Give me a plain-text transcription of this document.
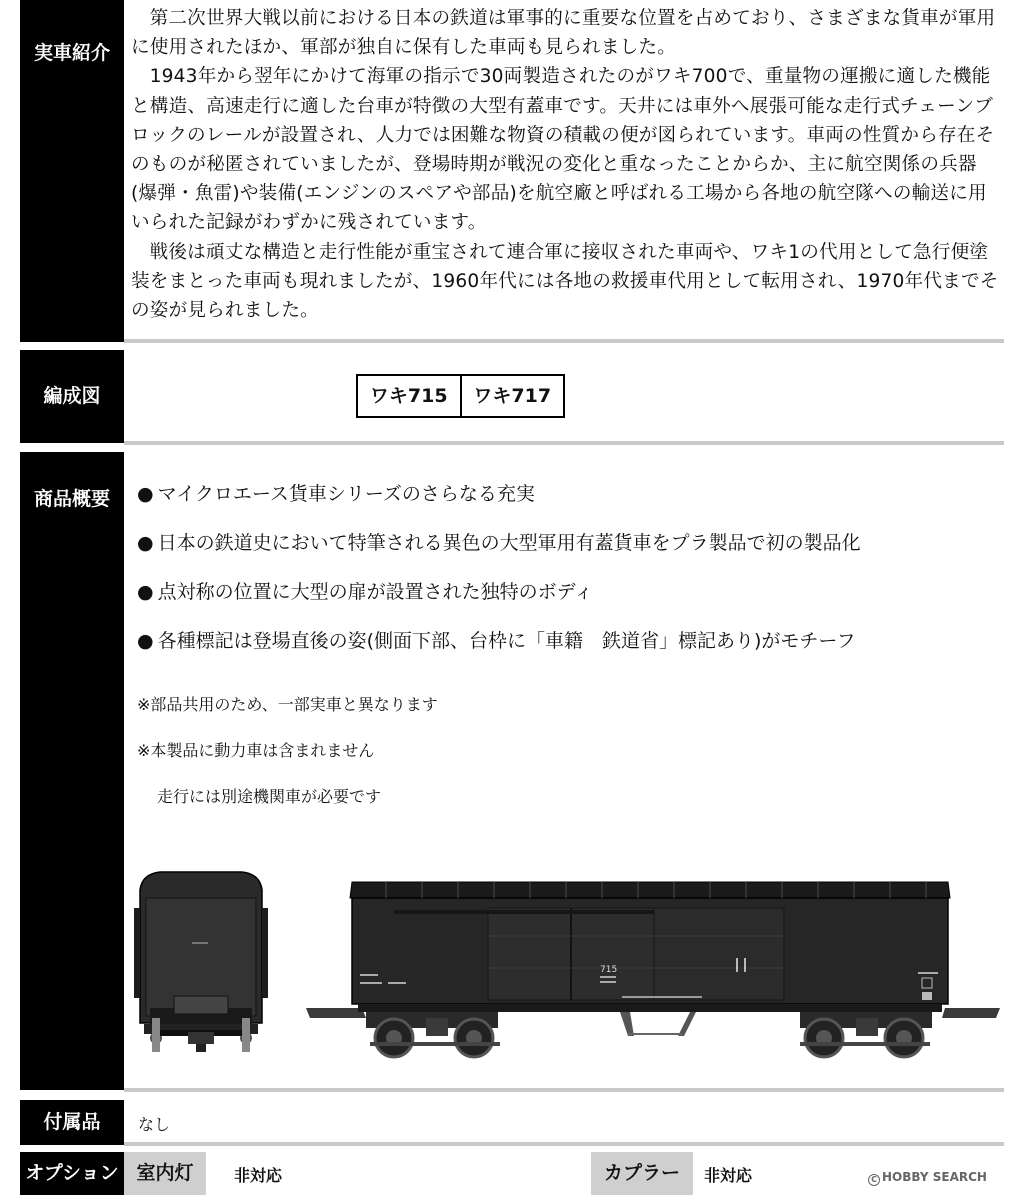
実車紹介

第二次世界大戦以前における日本の鉄道は軍事的に重要な位置を占めており、さまざまな貨車が軍用に使用されたほか、軍部が独自に保有した車両も見られました。

1943年から翌年にかけて海軍の指示で30両製造されたのがワキ700で、重量物の運搬に適した機能と構造、高速走行に適した台車が特徴の大型有蓋車です。天井には車外へ展張可能な走行式チェーンブロックのレールが設置され、人力では困難な物資の積載の便が図られています。車両の性質から存在そのものが秘匿されていましたが、登場時期が戦況の変化と重なったことからか、主に航空関係の兵器(爆弾・魚雷)や装備(エンジンのスペアや部品)を航空廠と呼ばれる工場から各地の航空隊への輸送に用いられた記録がわずかに残されています。

戦後は頑丈な構造と走行性能が重宝されて連合軍に接収された車両や、ワキ1の代用として急行便塗装をまとった車両も現れましたが、1960年代には各地の救援車代用として転用され、1970年代までその姿が見られました。

編成図	ワキ715	ワキ717
商品概要	● マイクロエース貨車シリーズのさらなる充実
● 日本の鉄道史において特筆される異色の大型軍用有蓋貨車をプラ製品で初の製品化
● 点対称の位置に大型の扉が設置された独特のボディ
● 各種標記は登場直後の姿(側面下部、台枠に「車籍　鉄道省」標記あり)がモチーフ
※部品共用のため、一部実車と異なります
※本製品に動力車は含まれません
走行には別途機関車が必要です
715
付属品	なし
オプション 室内灯	非対応	カプラー	非対応	C HOBBY SEARCH
